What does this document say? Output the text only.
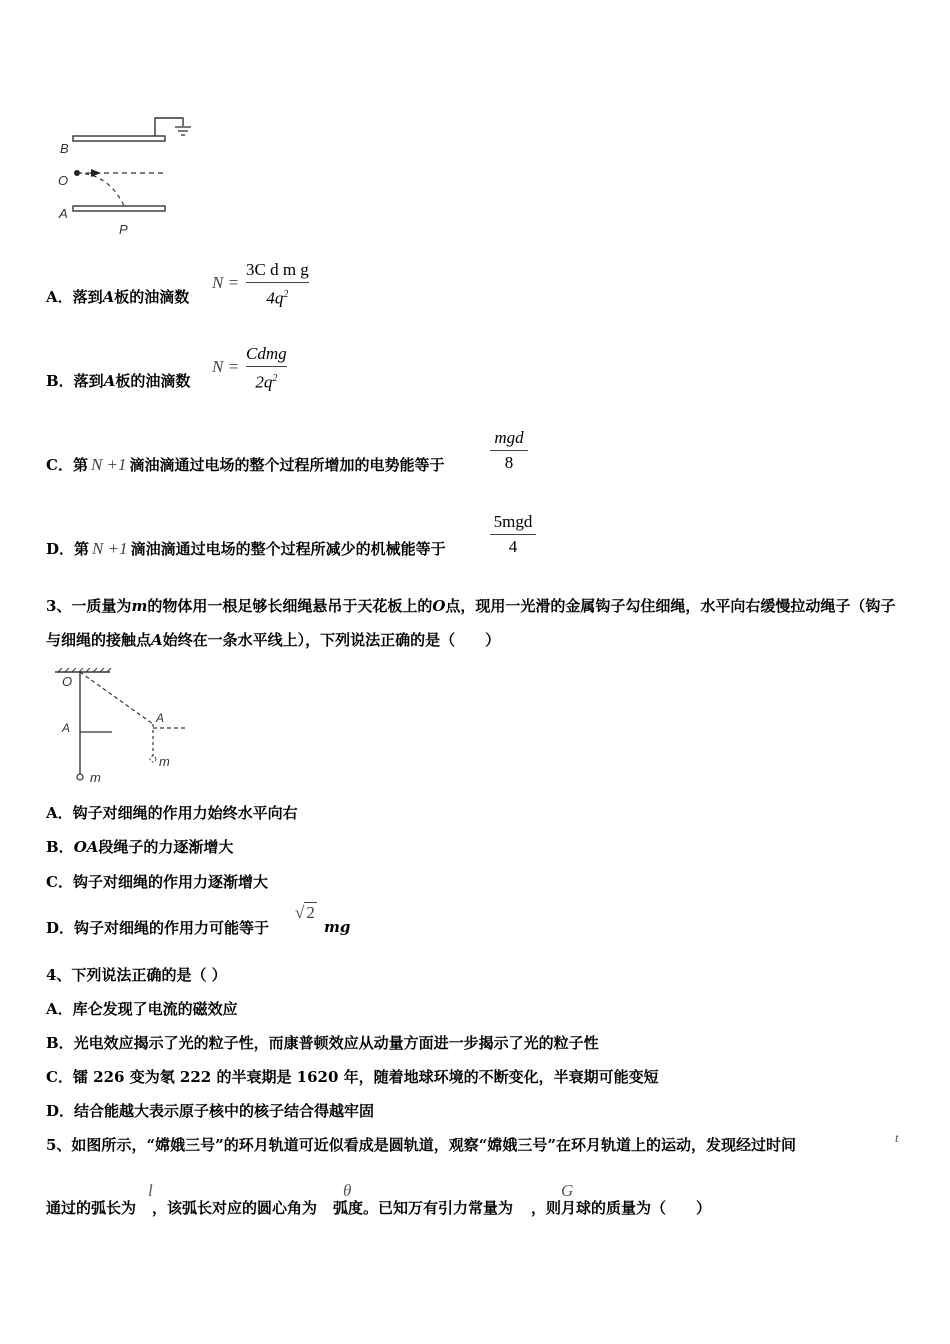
B
O
A
P
A．落到A板的油滴数
N =
3C d m g
$4q^2$
B．落到A板的油滴数
N =
Cdmg
$2q^2$
C．第 N +1 滴油滴通过电场的整个过程所增加的电势能等于
mgd
8
D．第 N +1 滴油滴通过电场的整个过程所减少的机械能等于
5mgd
4
3、一质量为m的物体用一根足够长细绳悬吊于天花板上的O点，现用一光滑的金属钩子勾住细绳，水平向右缓慢拉动绳子（钩子与细绳的接触点A始终在一条水平线上），下列说法正确的是（　　）
O
A
A
m
m
A．钩子对细绳的作用力始终水平向右
B．OA段绳子的力逐渐增大
C．钩子对细绳的作用力逐渐增大
D．钩子对细绳的作用力可能等于
√ 2
mg
4、下列说法正确的是（ ）
A．库仑发现了电流的磁效应
B．光电效应揭示了光的粒子性，而康普顿效应从动量方面进一步揭示了光的粒子性
C．镭 226 变为氡 222 的半衰期是 1620 年，随着地球环境的不断变化，半衰期可能变短
D．结合能越大表示原子核中的核子结合得越牢固
5、如图所示，“嫦娥三号”的环月轨道可近似看成是圆轨道，观察“嫦娥三号”在环月轨道上的运动，发现经过时间	t
通过的弧长为 ，该弧长对应的圆心角为 弧度。已知万有引力常量为 ，则月球的质量为（　　）
l	θ	G
